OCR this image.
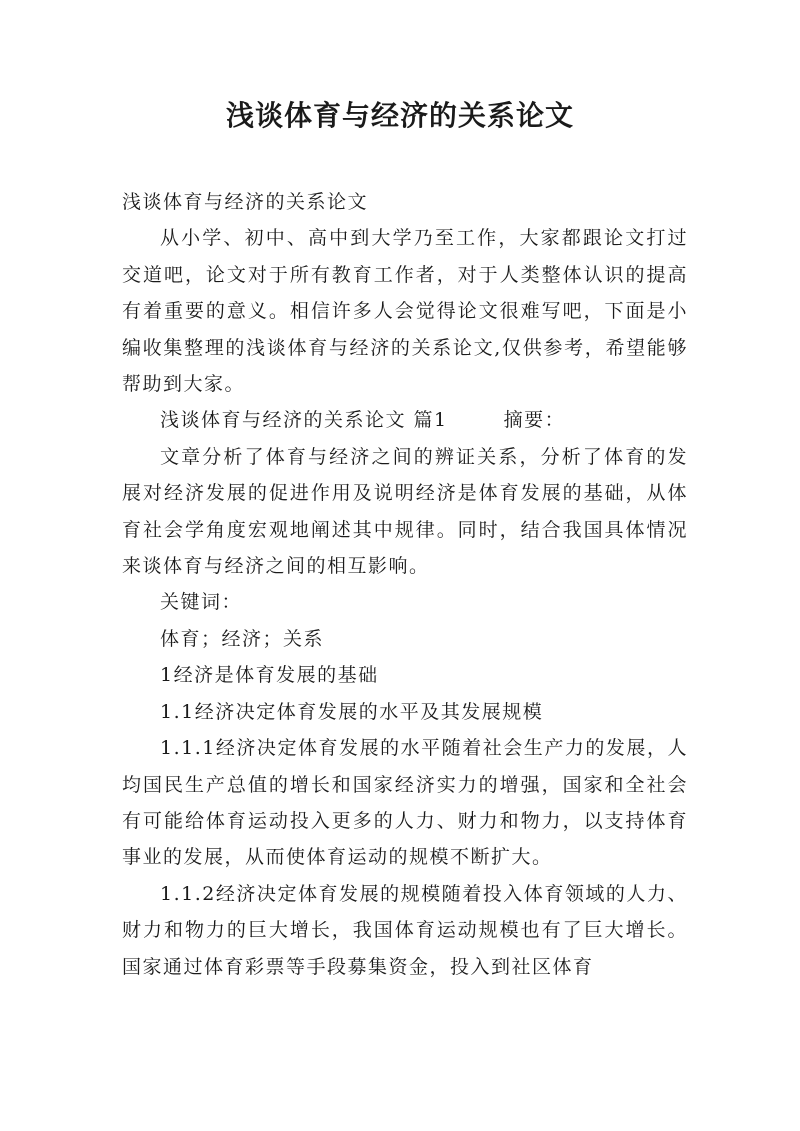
浅谈体育与经济的关系论文

浅谈体育与经济的关系论文

从小学、初中、高中到大学乃至工作，大家都跟论文打过交道吧，论文对于所有教育工作者，对于人类整体认识的提高有着重要的意义。相信许多人会觉得论文很难写吧，下面是小编收集整理的浅谈体育与经济的关系论文,仅供参考，希望能够帮助到大家。

浅谈体育与经济的关系论文 篇1	摘要：

文章分析了体育与经济之间的辨证关系，分析了体育的发展对经济发展的促进作用及说明经济是体育发展的基础，从体育社会学角度宏观地阐述其中规律。同时，结合我国具体情况来谈体育与经济之间的相互影响。

关键词：

体育；经济；关系

1经济是体育发展的基础

1.1经济决定体育发展的水平及其发展规模

1.1.1经济决定体育发展的水平随着社会生产力的发展，人均国民生产总值的增长和国家经济实力的增强，国家和全社会有可能给体育运动投入更多的人力、财力和物力，以支持体育事业的发展，从而使体育运动的规模不断扩大。

1.1.2经济决定体育发展的规模随着投入体育领域的人力、财力和物力的巨大增长，我国体育运动规模也有了巨大增长。国家通过体育彩票等手段募集资金，投入到社区体育
